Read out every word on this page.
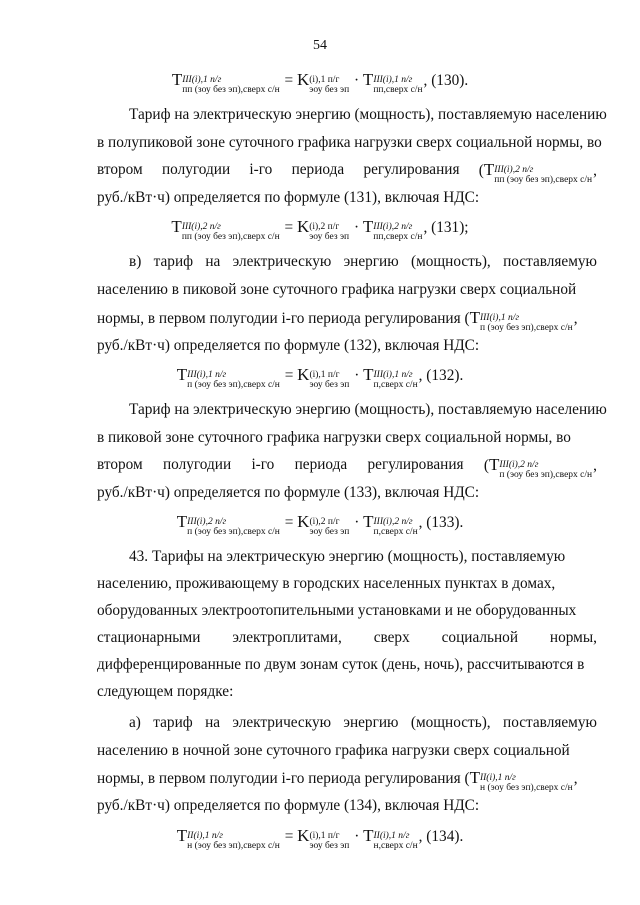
54
T III(i),1 п/г
пп (зоу без эп),сверх с/н
= K (i),1 п/г
эоу без эп
· T III(i),1 п/г
пп,сверх с/н
, (130).
Тариф на электрическую энергию (мощность), поставляемую населению
в полупиковой зоне суточного графика нагрузки сверх социальной нормы, во
втором полугодии i-го периода регулирования (T III(i),2 п/г
пп (эоу без эп),сверх с/н
,
руб./кВт·ч) определяется по формуле (131), включая НДС:
T III(i),2 п/г
пп (эоу без эп),сверх с/н
= K (i),2 п/г
эоу без эп
· T III(i),2 п/г
пп,сверх с/н
, (131);
в) тариф на электрическую энергию (мощность), поставляемую
населению в пиковой зоне суточного графика нагрузки сверх социальной
нормы, в первом полугодии i-го периода регулирования (T III(i),1 п/г
п (эоу без эп),сверх с/н
,
руб./кВт·ч) определяется по формуле (132), включая НДС:
T III(i),1 п/г
п (эоу без эп),сверх с/н
= K (i),1 п/г
эоу без эп
· T III(i),1 п/г
п,сверх с/н
, (132).
Тариф на электрическую энергию (мощность), поставляемую населению
в пиковой зоне суточного графика нагрузки сверх социальной нормы, во
втором полугодии i-го периода регулирования (T III(i),2 п/г
п (эоу без эп),сверх с/н
,
руб./кВт·ч) определяется по формуле (133), включая НДС:
T III(i),2 п/г
п (эоу без эп),сверх с/н
= K (i),2 п/г
эоу без эп
· T III(i),2 п/г
п,сверх с/н
, (133).
43. Тарифы на электрическую энергию (мощность), поставляемую
населению, проживающему в городских населенных пунктах в домах,
оборудованных электроотопительными установками и не оборудованных
стационарными электроплитами, сверх социальной нормы,
дифференцированные по двум зонам суток (день, ночь), рассчитываются в
следующем порядке:
а) тариф на электрическую энергию (мощность), поставляемую
населению в ночной зоне суточного графика нагрузки сверх социальной
нормы, в первом полугодии i-го периода регулирования (T II(i),1 п/г
н (эоу без эп),сверх с/н
,
руб./кВт·ч) определяется по формуле (134), включая НДС:
T II(i),1 п/г
н (эоу без эп),сверх с/н
= K (i),1 п/г
эоу без эп
· T II(i),1 п/г
н,сверх с/н
, (134).
